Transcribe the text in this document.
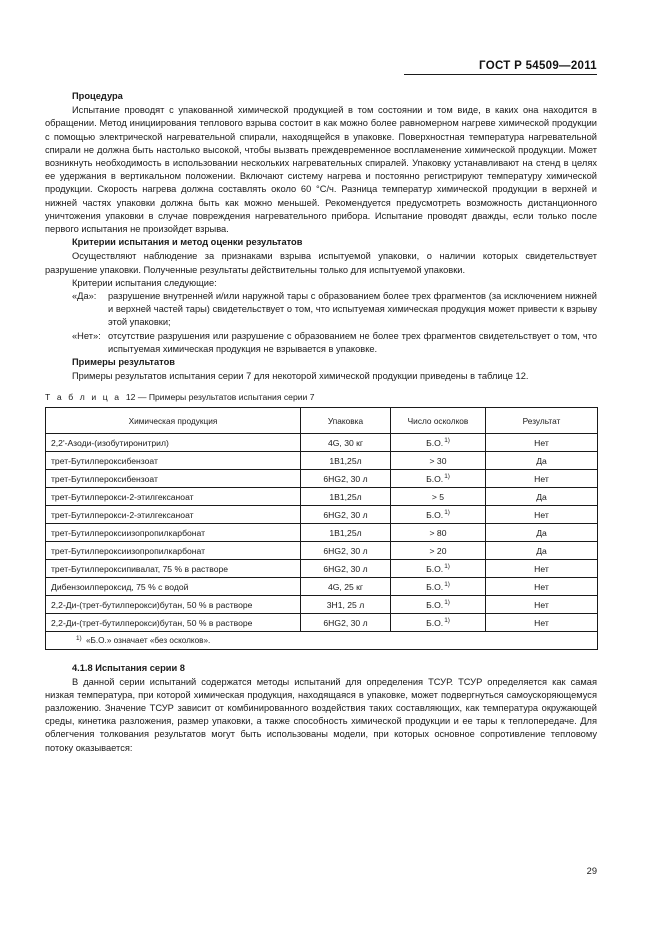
ГОСТ Р 54509—2011

Процедура

Испытание проводят с упакованной химической продукцией в том состоянии и том виде, в каких она находится в обращении. Метод инициирования теплового взрыва состоит в как можно более равномерном нагреве химической продукции с помощью электрической нагревательной спирали, находящейся в упаковке. Поверхностная температура нагревательной спирали не должна быть настолько высокой, чтобы вызвать преждевременное воспламенение химической продукции. Может возникнуть необходимость в использовании нескольких нагревательных спиралей. Упаковку устанавливают на стенд в целях ее удержания в вертикальном положении. Включают систему нагрева и постоянно регистрируют температуру химической продукции. Скорость нагрева должна составлять около 60 °С/ч. Разница температур химической продукции в верхней и нижней частях упаковки должна быть как можно меньшей. Рекомендуется предусмотреть возможность дистанционного уничтожения упаковки в случае повреждения нагревательного прибора. Испытание проводят дважды, если только после первого испытания не произойдет взрыва.

Критерии испытания и метод оценки результатов

Осуществляют наблюдение за признаками взрыва испытуемой упаковки, о наличии которых свидетельствует разрушение упаковки. Полученные результаты действительны только для испытуемой упаковки.

Критерии испытания следующие:

«Да»:	разрушение внутренней и/или наружной тары с образованием более трех фрагментов (за исключением нижней и верхней частей тары) свидетельствует о том, что испытуемая химическая продукция может привести к взрыву этой упаковки;
«Нет»: отсутствие разрушения или разрушение с образованием не более трех фрагментов свидетельствует о том, что испытуемая химическая продукция не взрывается в упаковке.

Примеры результатов

Примеры результатов испытания серии 7 для некоторой химической продукции приведены в таблице 12.

Т а б л и ц а 12 — Примеры результатов испытания серии 7

Химическая продукция	Упаковка	Число осколков	Результат
2,2'-Азоди-(изобутиронитрил)	4G, 30 кг	Б.О.$^{1)}$	Нет
трет-Бутилпероксибензоат	1В1,25л	> 30	Да
трет-Бутилпероксибензоат	6HG2, 30 л	Б.О.$^{1)}$	Нет
трет-Бутилперокси-2-этилгексаноат	1В1,25л	> 5	Да
трет-Бутилперокси-2-этилгексаноат	6HG2, 30 л	Б.О.$^{1)}$	Нет
трет-Бутилпероксиизопропилкарбонат	1В1,25л	> 80	Да
трет-Бутилпероксиизопропилкарбонат	6HG2, 30 л	> 20	Да
трет-Бутилпероксипивалат, 75 % в растворе	6HG2, 30 л	Б.О.$^{1)}$	Нет
Дибензоилпероксид, 75 % с водой	4G, 25 кг	Б.О.$^{1)}$	Нет
2,2-Ди-(трет-бутилперокси)бутан, 50 % в растворе	3Н1, 25 л	Б.О.$^{1)}$	Нет
2,2-Ди-(трет-бутилперокси)бутан, 50 % в растворе	6HG2, 30 л	Б.О.$^{1)}$	Нет
$^{1)}$ «Б.О.» означает «без осколков».			

4.1.8 Испытания серии 8

В данной серии испытаний содержатся методы испытаний для определения ТСУР. ТСУР определяется как самая низкая температура, при которой химическая продукция, находящаяся в упаковке, может подвергнуться самоускоряющемуся разложению. Значение ТСУР зависит от комбинированного воздействия таких составляющих, как температура окружающей среды, кинетика разложения, размер упаковки, а также способность химической продукции и ее тары к теплопередаче. Для облегчения толкования результатов могут быть использованы модели, при которых основное сопротивление тепловому потоку оказывается:

29
